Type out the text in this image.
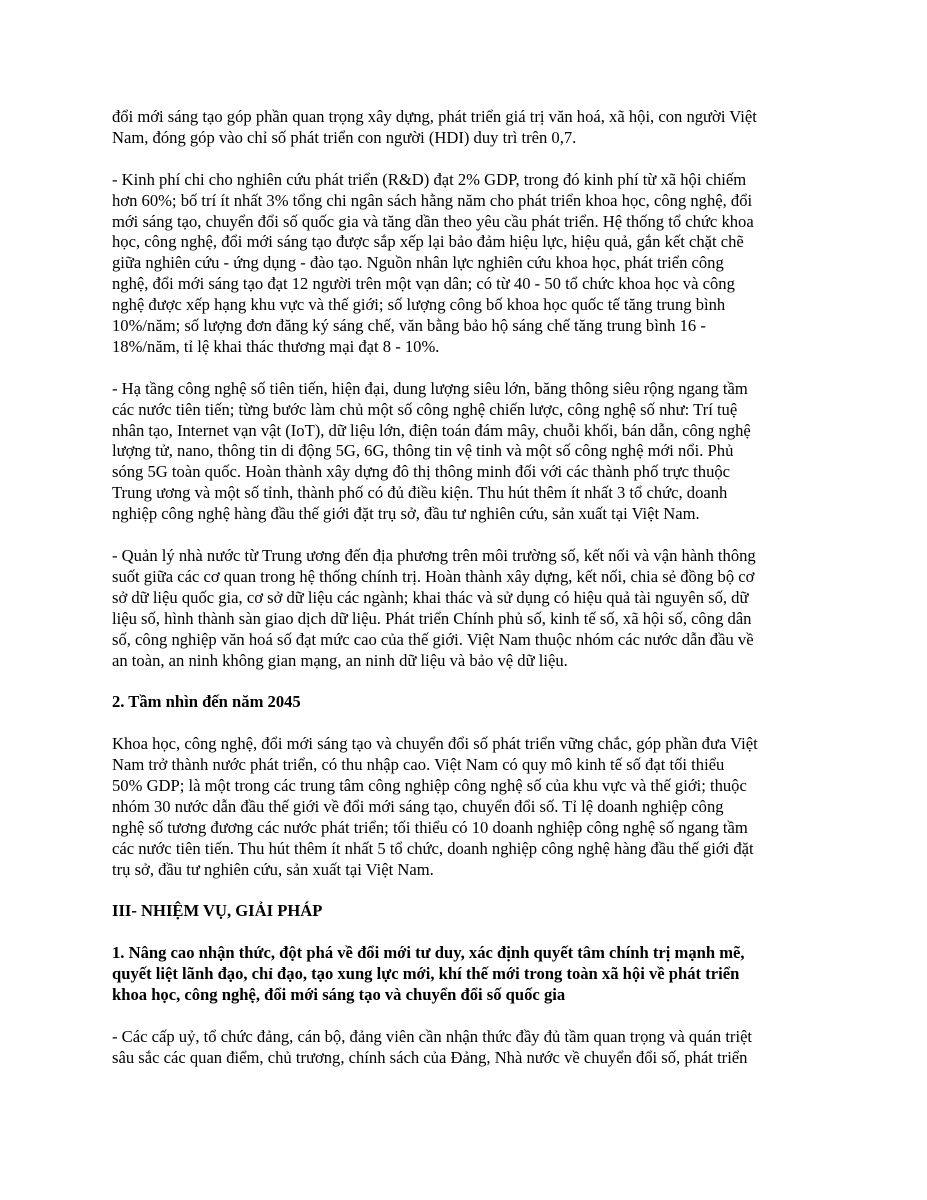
đổi mới sáng tạo góp phần quan trọng xây dựng, phát triển giá trị văn hoá, xã hội, con người Việt
Nam, đóng góp vào chỉ số phát triển con người (HDI) duy trì trên 0,7.

- Kinh phí chi cho nghiên cứu phát triển (R&D) đạt 2% GDP, trong đó kinh phí từ xã hội chiếm
hơn 60%; bố trí ít nhất 3% tổng chi ngân sách hằng năm cho phát triển khoa học, công nghệ, đổi
mới sáng tạo, chuyển đổi số quốc gia và tăng dần theo yêu cầu phát triển. Hệ thống tổ chức khoa
học, công nghệ, đổi mới sáng tạo được sắp xếp lại bảo đảm hiệu lực, hiệu quả, gắn kết chặt chẽ
giữa nghiên cứu - ứng dụng - đào tạo. Nguồn nhân lực nghiên cứu khoa học, phát triển công
nghệ, đổi mới sáng tạo đạt 12 người trên một vạn dân; có từ 40 - 50 tổ chức khoa học và công
nghệ được xếp hạng khu vực và thế giới; số lượng công bố khoa học quốc tế tăng trung bình
10%/năm; số lượng đơn đăng ký sáng chế, văn bằng bảo hộ sáng chế tăng trung bình 16 -
18%/năm, tỉ lệ khai thác thương mại đạt 8 - 10%.

- Hạ tầng công nghệ số tiên tiến, hiện đại, dung lượng siêu lớn, băng thông siêu rộng ngang tầm
các nước tiên tiến; từng bước làm chủ một số công nghệ chiến lược, công nghệ số như: Trí tuệ
nhân tạo, Internet vạn vật (IoT), dữ liệu lớn, điện toán đám mây, chuỗi khối, bán dẫn, công nghệ
lượng tử, nano, thông tin di động 5G, 6G, thông tin vệ tinh và một số công nghệ mới nổi. Phủ
sóng 5G toàn quốc. Hoàn thành xây dựng đô thị thông minh đối với các thành phố trực thuộc
Trung ương và một số tỉnh, thành phố có đủ điều kiện. Thu hút thêm ít nhất 3 tổ chức, doanh
nghiệp công nghệ hàng đầu thế giới đặt trụ sở, đầu tư nghiên cứu, sản xuất tại Việt Nam.

- Quản lý nhà nước từ Trung ương đến địa phương trên môi trường số, kết nối và vận hành thông
suốt giữa các cơ quan trong hệ thống chính trị. Hoàn thành xây dựng, kết nối, chia sẻ đồng bộ cơ
sở dữ liệu quốc gia, cơ sở dữ liệu các ngành; khai thác và sử dụng có hiệu quả tài nguyên số, dữ
liệu số, hình thành sàn giao dịch dữ liệu. Phát triển Chính phủ số, kinh tế số, xã hội số, công dân
số, công nghiệp văn hoá số đạt mức cao của thế giới. Việt Nam thuộc nhóm các nước dẫn đầu về
an toàn, an ninh không gian mạng, an ninh dữ liệu và bảo vệ dữ liệu.

2. Tầm nhìn đến năm 2045

Khoa học, công nghệ, đổi mới sáng tạo và chuyển đổi số phát triển vững chắc, góp phần đưa Việt
Nam trở thành nước phát triển, có thu nhập cao. Việt Nam có quy mô kinh tế số đạt tối thiểu
50% GDP; là một trong các trung tâm công nghiệp công nghệ số của khu vực và thế giới; thuộc
nhóm 30 nước dẫn đầu thế giới về đổi mới sáng tạo, chuyển đổi số. Tỉ lệ doanh nghiệp công
nghệ số tương đương các nước phát triển; tối thiểu có 10 doanh nghiệp công nghệ số ngang tầm
các nước tiên tiến. Thu hút thêm ít nhất 5 tổ chức, doanh nghiệp công nghệ hàng đầu thế giới đặt
trụ sở, đầu tư nghiên cứu, sản xuất tại Việt Nam.

III- NHIỆM VỤ, GIẢI PHÁP

1. Nâng cao nhận thức, đột phá về đổi mới tư duy, xác định quyết tâm chính trị mạnh mẽ,
quyết liệt lãnh đạo, chỉ đạo, tạo xung lực mới, khí thế mới trong toàn xã hội về phát triển
khoa học, công nghệ, đổi mới sáng tạo và chuyển đổi số quốc gia

- Các cấp uỷ, tổ chức đảng, cán bộ, đảng viên cần nhận thức đầy đủ tầm quan trọng và quán triệt
sâu sắc các quan điểm, chủ trương, chính sách của Đảng, Nhà nước về chuyển đổi số, phát triển
